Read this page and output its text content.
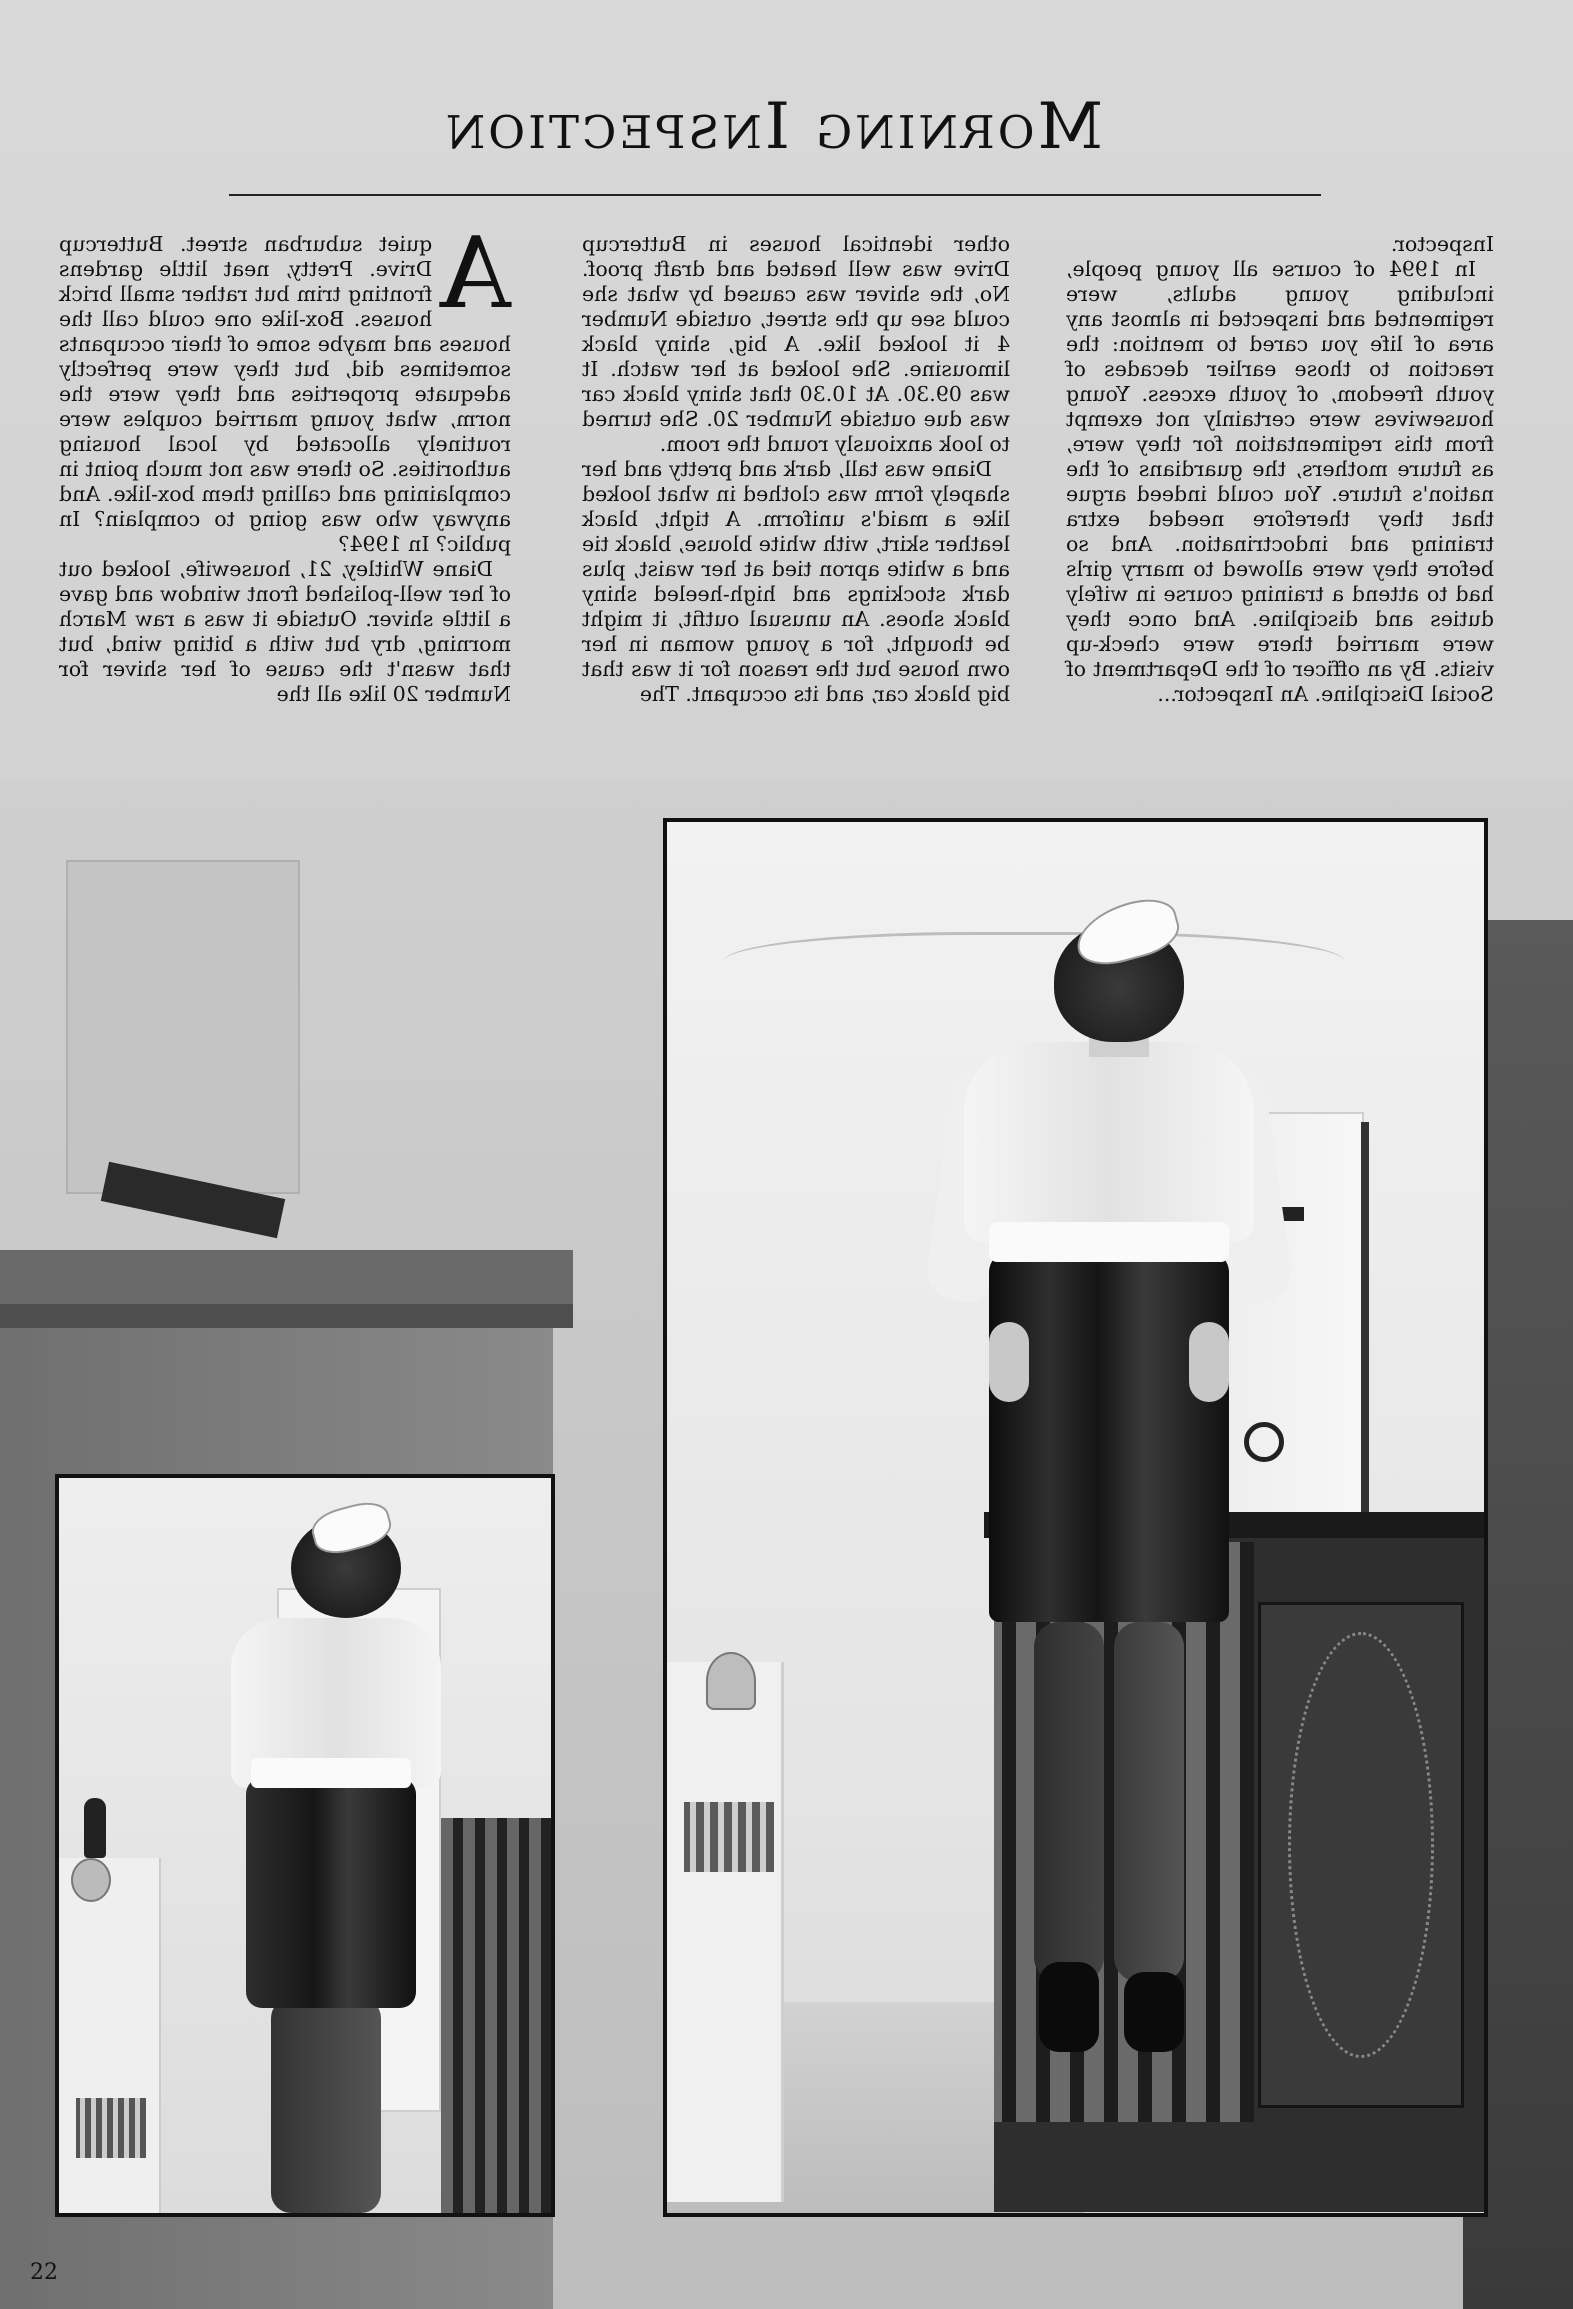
Morning Inspection

A
quiet suburban street. Buttercup Drive. Pretty, neat little gardens fronting trim but rather small brick houses. Box-like one could call the houses and maybe some of their occupants sometimes did, but they were perfectly adequate properties and they were the norm, what young married couples were routinely allocated by local housing authorities. So there was not much point in complaining and calling them box-like. And anyway who was going to complain? In public? In 1994?

Diane Whitley, 21, housewife, looked out of her well-polished front window and gave a little shiver. Outside it was a raw March morning, dry but with a biting wind, but that wasn't the cause of her shiver for Number 20 like all the

other identical houses in Buttercup Drive was well heated and draft proof. No, the shiver was caused by what she could see up the street, outside Number 4 it looked like. A big, shiny black limousine. She looked at her watch. It was 09.30. At 10.30 that shiny black car was due outside Number 20. She turned to look anxiously round the room.

Diane was tall, dark and pretty and her shapely form was clothed in what looked like a maid's uniform. A tight, black leather skirt, with white blouse, black tie and a white apron tied at her waist, plus dark stockings and high-heeled shiny black shoes. An unusual outfit, it might be thought, for a young woman in her own house but the reason for it was that big black car, and its occupant. The

Inspector.

In 1994 of course all young people, including young adults, were regimented and inspected in almost any area of life you cared to mention: the reaction to those earlier decades of youth freedom, of youth excess. Young housewives were certainly not exempt from this regimentation for they were, as future mothers, the guardians of the nation's future. You could indeed argue that they therefore needed extra training and indoctrination. And so before they were allowed to marry girls had to attend a training course in wifely duties and discipline. And once they were married there were check-up visits. By an officer of the Department of Social Discipline. An Inspector...

22
